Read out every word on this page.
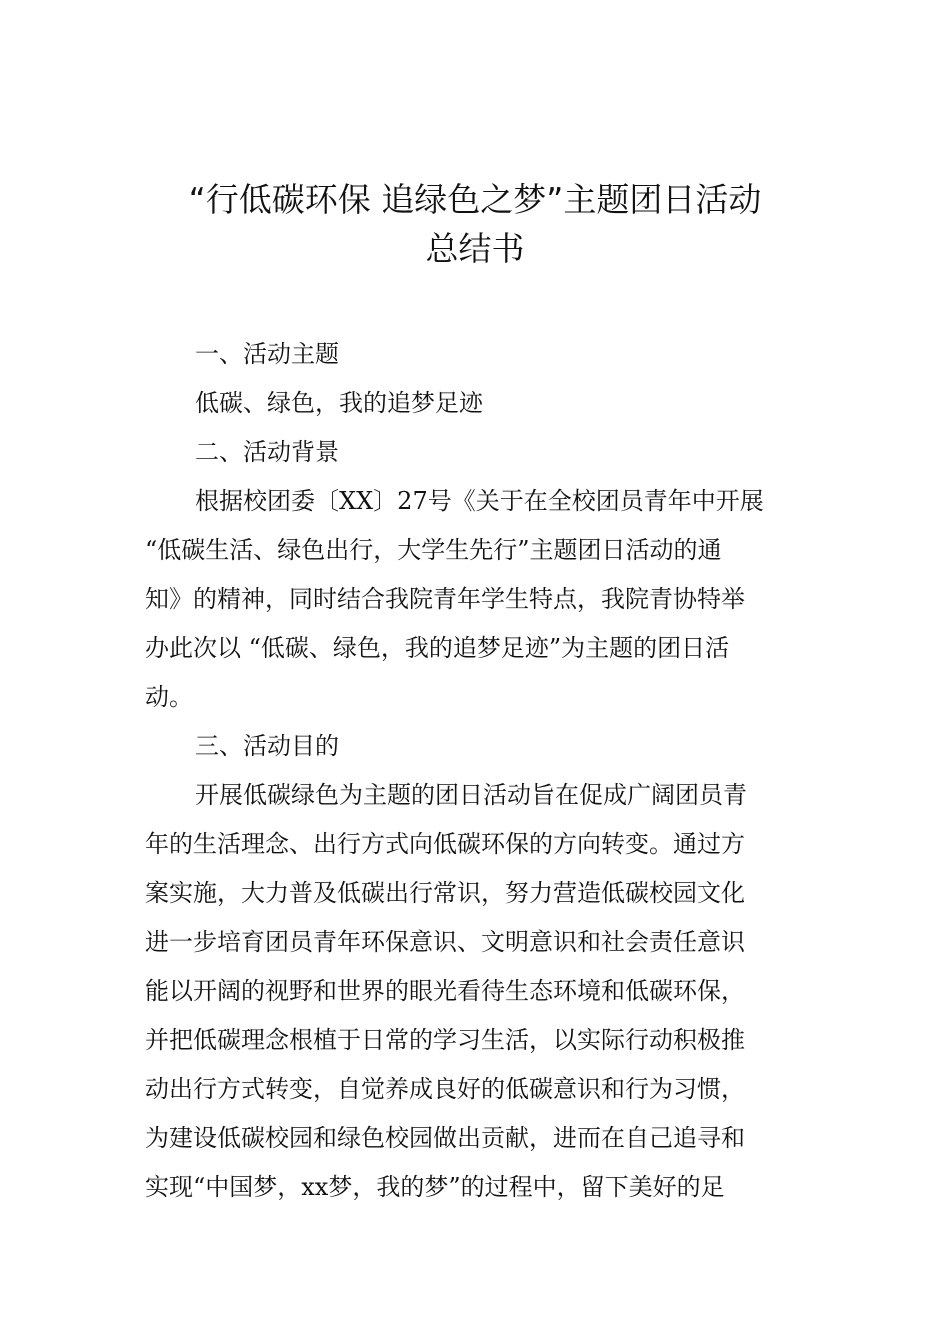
“行低碳环保 追绿色之梦”主题团日活动
总结书
一、活动主题
低碳、绿色，我的追梦足迹
二、活动背景
根据校团委〔XX〕27号《关于在全校团员青年中开展
“低碳生活、绿色出行，大学生先行”主题团日活动的通
知》的精神，同时结合我院青年学生特点，我院青协特举
办此次以 “低碳、绿色，我的追梦足迹”为主题的团日活
动。
三、活动目的
开展低碳绿色为主题的团日活动旨在促成广阔团员青
年的生活理念、出行方式向低碳环保的方向转变。通过方
案实施，大力普及低碳出行常识，努力营造低碳校园文化
进一步培育团员青年环保意识、文明意识和社会责任意识
能以开阔的视野和世界的眼光看待生态环境和低碳环保，
并把低碳理念根植于日常的学习生活，以实际行动积极推
动出行方式转变，自觉养成良好的低碳意识和行为习惯，
为建设低碳校园和绿色校园做出贡献，进而在自己追寻和
实现“中国梦，xx梦，我的梦”的过程中，留下美好的足
